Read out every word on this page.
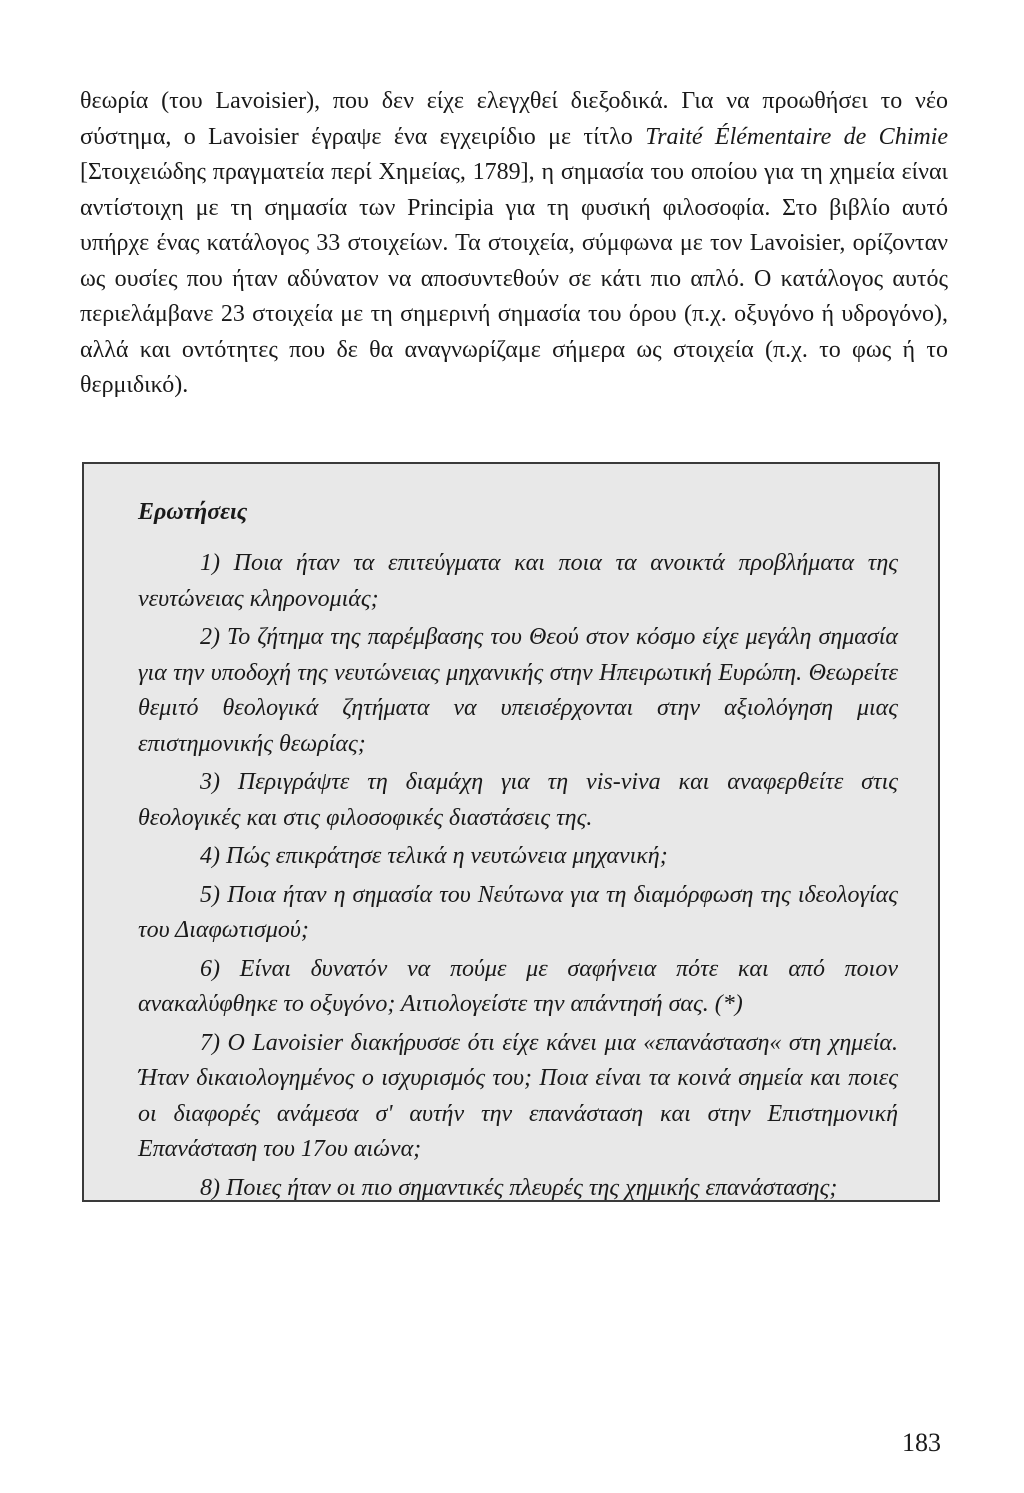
θεωρία (του Lavoisier), που δεν είχε ελεγχθεί διεξοδικά. Για να προωθήσει το νέο σύστημα, ο Lavoisier έγραψε ένα εγχειρίδιο με τίτλο Traité Élémentaire de Chimie [Στοιχειώδης πραγματεία περί Χημείας, 1789], η σημασία του οποίου για τη χημεία είναι αντίστοιχη με τη σημασία των Principia για τη φυσική φιλοσοφία. Στο βιβλίο αυτό υπήρχε ένας κατάλογος 33 στοιχείων. Τα στοιχεία, σύμφωνα με τον Lavoisier, ορίζονταν ως ουσίες που ήταν αδύνατον να αποσυντεθούν σε κάτι πιο απλό. Ο κατάλογος αυτός περιελάμβανε 23 στοιχεία με τη σημερινή σημασία του όρου (π.χ. οξυγόνο ή υδρογόνο), αλλά και οντότητες που δε θα αναγνωρίζαμε σήμερα ως στοιχεία (π.χ. το φως ή το θερμιδικό).

Ερωτήσεις
1) Ποια ήταν τα επιτεύγματα και ποια τα ανοικτά προβλήματα της νευτώνειας κληρονομιάς;
2) Το ζήτημα της παρέμβασης του Θεού στον κόσμο είχε μεγάλη σημασία για την υποδοχή της νευτώνειας μηχανικής στην Ηπειρωτική Ευρώπη. Θεωρείτε θεμιτό θεολογικά ζητήματα να υπεισέρχονται στην αξιολόγηση μιας επιστημονικής θεωρίας;
3) Περιγράψτε τη διαμάχη για τη vis-viva και αναφερθείτε στις θεολογικές και στις φιλοσοφικές διαστάσεις της.
4) Πώς επικράτησε τελικά η νευτώνεια μηχανική;
5) Ποια ήταν η σημασία του Νεύτωνα για τη διαμόρφωση της ιδεολογίας του Διαφωτισμού;
6) Είναι δυνατόν να πούμε με σαφήνεια πότε και από ποιον ανακαλύφθηκε το οξυγόνο; Αιτιολογείστε την απάντησή σας. (*)
7) Ο Lavoisier διακήρυσσε ότι είχε κάνει μια «επανάσταση« στη χημεία. Ήταν δικαιολογημένος ο ισχυρισμός του; Ποια είναι τα κοινά σημεία και ποιες οι διαφορές ανάμεσα σ' αυτήν την επανάσταση και στην Επιστημονική Επανάσταση του 17ου αιώνα;
8) Ποιες ήταν οι πιο σημαντικές πλευρές της χημικής επανάστασης;
183
